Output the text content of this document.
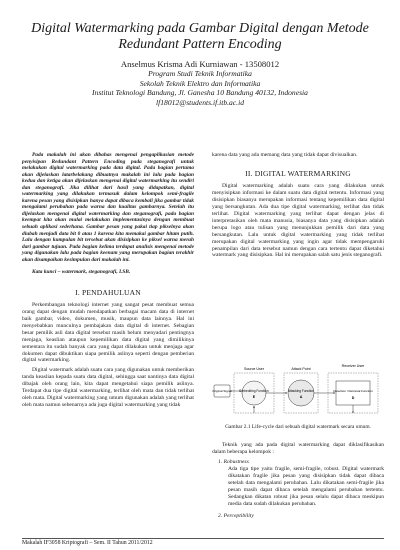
Digital Watermarking pada Gambar Digital dengan Metode Redundant Pattern Encoding
Anselmus Krisma Adi Kurniawan - 13508012
Program Studi Teknik Informatika
Sekolah Teknik Elektro dan Informatika
Institut Teknologi Bandung, Jl. Ganesha 10 Bandung 40132, Indonesia
lf18012@students.if.itb.ac.id

Pada makalah ini akan dibahas mengenai pengaplikasian metode penyisipan Redundant Pattern Encoding pada steganografi untuk melakukan digital watermarking pada data digital. Pada bagian pertama akan dijelaskan latarbelakang dibuatnya makalah ini lalu pada bagian kedua dan ketiga akan dijelaskan mengenai digital watermarking itu sendiri dan steganografi. Jika dilihat dari hasil yang didapatkan, digital watermarking yang dilakukan termasuk dalam kelompok semi-fragile karena pesan yang disisipkan hanya dapat dibaca kembali jika gambar tidak mengalami perubahan pada warna dan kualitas gambarnya. Setelah itu dijelaskan mengenai digital watermarking dan steganografi, pada bagian keempat kita akan mulai melakukan implementasinya dengan membuat sebuah aplikasi sederhana. Gambar pesan yang pakai tiap pikselnya akan diubah menjadi data bit 0 atau 1 karena kita memakai gambar hitam putih. Lalu dengan kumpulan bit tersebut akan disisipkan ke piksel warna merah dari gambar tujuan. Pada bagian kelima terdapat analisis mengenai metode yang digunakan lalu pada bagian keenam yang merupakan bagian terakhir akan disampaikan kesimpulan dari makalah ini.

Kata kunci – watermark, steganografi, LSB.

I. PENDAHULUAN

Perkembangan teknologi internet yang sangat pesat membuat semua orang dapat dengan mudah mendapatkan berbagai macam data di internet baik gambar, video, dokumen, musik, maupun data lainnya. Hal ini menyebabkan munculnya pembajakan data digital di internet. Sebagian besar pemilik asli data digital tersebut masih belum menyadari pentingnya menjaga, keaslian ataupun kepemilikan data digital yang dimilikinya sementara itu sudah banyak cara yang dapat dilakukan untuk menjaga agar dokumen dapat dibuktikan siapa pemilik aslinya seperti dengan pemberian digital watermarking.

Digital watermark adalah suatu cara yang digunakan untuk memberikan tanda keaslian kepada suatu data digital, sehingga saat nantinya data digital dibajak oleh orang lain, kita dapat mengetahui siapa pemilik aslinya. Terdapat dua tipe digital watermarking, terlihat oleh mata dan tidak terlihat oleh mata. Digital watermarking yang umum digunakan adalah yang terlihat oleh mata namun sebenarnya ada juga digital watermarking yang tidak

karena data yang ada memang data yang tidak dapat divisualkan.

II. DIGITAL WATERMARKING

Digital watermarking adalah suatu cara yang dilakukan untuk menyisipkan informasi ke dalam suatu data digital tertentu. Informasi yang disisipkan biasanya merupakan informasi tentang kepemilikan data digital yang bersangkutan. Ada dua tipe digital watermarking, terlihat dan tidak terlihat. Digital watermarking yang terlihat dapat dengan jelas di interpretasikan oleh mata manusia, biasanya data yang disisipkan adalah berupa logo atau tulisan yang menunjukkan pemilik dari data yang bersangkutan. Lalu untuk digital watermarking yang tidak terlihat merupakan digital watermarking yang ingin agar tidak mempengaruhi penampilan dari data tersebut namun dengan cara tertentu dapat diketahui watermark yang disisipkan. Hal ini merupakan salah satu jenis steganografi.

Source User
Receiver User
Attack Point
Original Signal Embedding Function
E
Attacking Function
A
Detection / Retrieval Function
D
Gambar 2.1 Life-cycle dari sebuah digital watermark secara umum.

Teknik yang ada pada digital watermarking dapat diklasifikasikan dalam beberapa kelompok :

1. Robustness

Ada tiga tipe yaitu fragile, semi-fragile, robust. Digital watermark dikatakan fragile jika pesan yang disisipkan tidak dapat dibaca setelah data mengalami perubahan. Lalu dikatakan semi-fragile jika pesan masih dapat dibaca setelah mengalami perubahan tertentu. Sedangkan dikatan robust jika pesan selalu dapat dibaca meskipun media data sudah dilakukan perubahan.

2. Perceptibility

Makalah IF3058 Kriptografi – Sem. II Tahun 2011/2012
